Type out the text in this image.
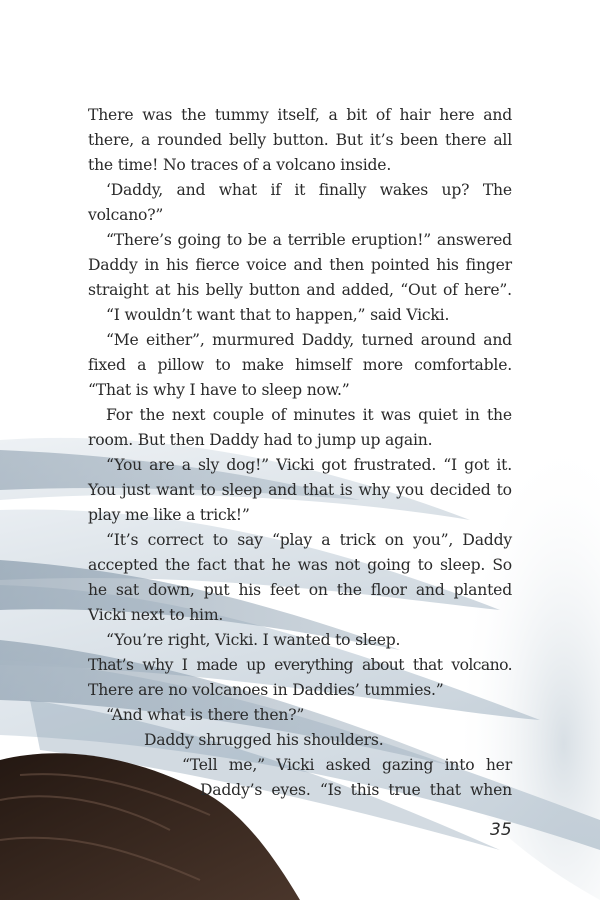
There was the tummy itself, a bit of hair here and
there, a rounded belly button. But it’s been there all
the time! No traces of a volcano inside.
‘Daddy, and what if it finally wakes up? The
volcano?”
“There’s going to be a terrible eruption!” answered
Daddy in his fierce voice and then pointed his finger
straight at his belly button and added, “Out of here”.
“I wouldn’t want that to happen,” said Vicki.
“Me either”, murmured Daddy, turned around and
fixed a pillow to make himself more comfortable.
“That is why I have to sleep now.”
For the next couple of minutes it was quiet in the
room. But then Daddy had to jump up again.
“You are a sly dog!” Vicki got frustrated. “I got it.
You just want to sleep and that is why you decided to
play me like a trick!”
“It’s correct to say “play a trick on you”, Daddy
accepted the fact that he was not going to sleep. So
he sat down, put his feet on the floor and planted
Vicki next to him.
“You’re right, Vicki. I wanted to sleep.
That’s why I made up everything about that volcano.
There are no volcanoes in Daddies’ tummies.”
“And what is there then?”
Daddy shrugged his shoulders.
“Tell me,” Vicki asked gazing into her
Daddy’s eyes. “Is this true that when
35
